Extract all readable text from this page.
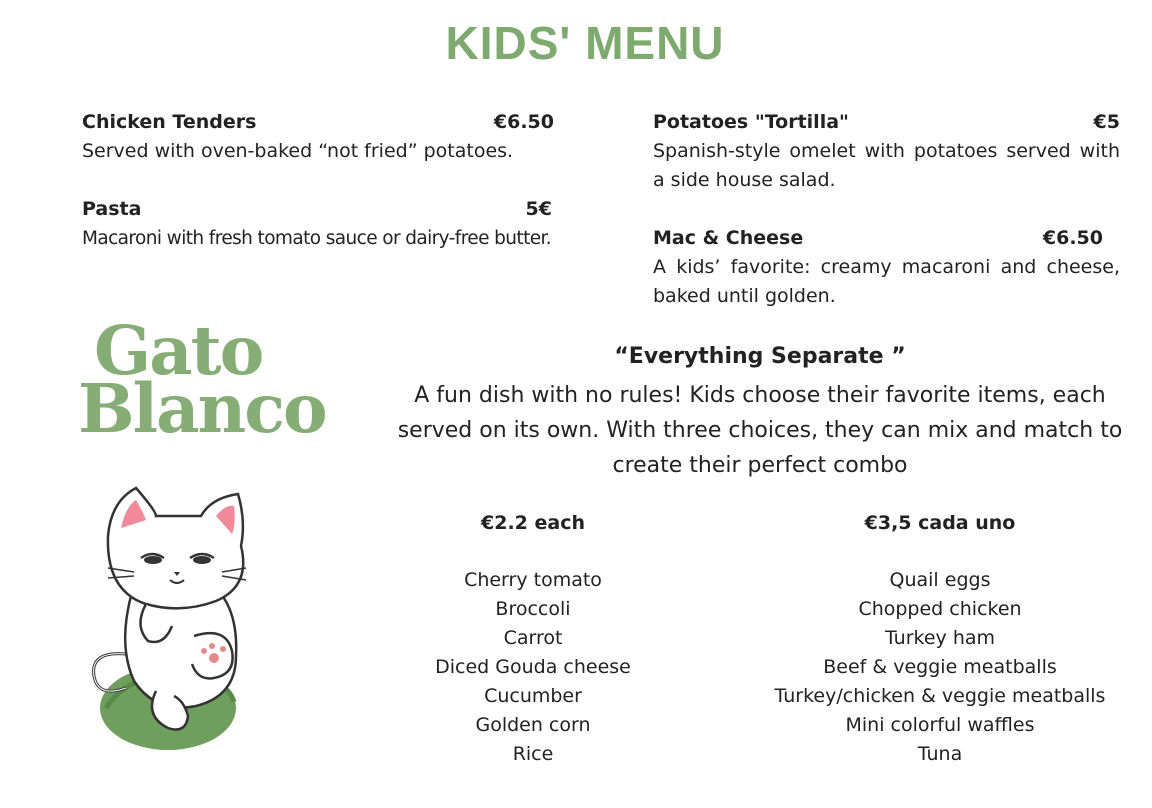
KIDS' MENU
Chicken Tenders	€6.50
Served with oven-baked “not fried” potatoes.
Pasta	5€
Macaroni with fresh tomato sauce or dairy-free butter.
Potatoes "Tortilla"	€5
Spanish-style omelet with potatoes served with a side house salad.
Mac & Cheese	€6.50
A kids’ favorite: creamy macaroni and cheese, baked until golden.
Gato
Blanco
“Everything Separate ”
A fun dish with no rules! Kids choose their favorite items, each served on its own. With three choices, they can mix and match to create their perfect combo
€2.2 each
Cherry tomato
Broccoli
Carrot
Diced Gouda cheese
Cucumber
Golden corn
Rice
€3,5 cada uno
Quail eggs
Chopped chicken
Turkey ham
Beef & veggie meatballs
Turkey/chicken & veggie meatballs
Mini colorful waffles
Tuna
